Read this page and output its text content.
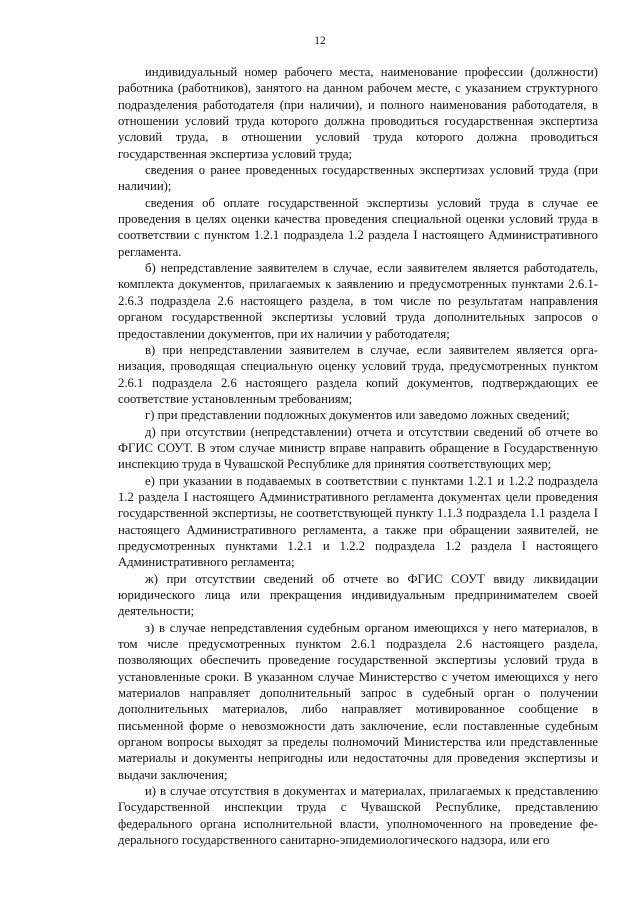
12

индивидуальный номер рабочего места, наименование профессии (должности) работника (работников), занятого на данном рабочем месте, с указанием структурного подразделения работодателя (при наличии), и полного наименования работодателя, в отношении условий труда которого должна проводиться государственная экспертиза условий труда, в отношении условий труда которого должна проводиться государственная экспертиза условий труда;

сведения о ранее проведенных государственных экспертизах условий труда (при наличии);

сведения об оплате государственной экспертизы условий труда в случае ее проведения в целях оценки качества проведения специальной оценки условий труда в соответствии с пунктом 1.2.1 подраздела 1.2 раздела I настоящего Административного регламента.

б) непредставление заявителем в случае, если заявителем является работодатель, комплекта документов, прилагаемых к заявлению и предусмотренных пунктами 2.6.1-2.6.3 подраздела 2.6 настоящего раздела, в том числе по результатам направления органом государственной экспертизы условий труда дополнительных запросов о предоставлении документов, при их наличии у работодателя;

в) при непредставлении заявителем в случае, если заявителем является организация, проводящая специальную оценку условий труда, предусмотренных пунктом 2.6.1 подраздела 2.6 настоящего раздела копий документов, подтверждающих ее соответствие установленным требованиям;

г) при представлении подложных документов или заведомо ложных сведений;

д) при отсутствии (непредставлении) отчета и отсутствии сведений об отчете во ФГИС СОУТ. В этом случае министр вправе направить обращение в Государственную инспекцию труда в Чувашской Республике для принятия соответствующих мер;

е) при указании в подаваемых в соответствии с пунктами 1.2.1 и 1.2.2 подраздела 1.2 раздела I настоящего Административного регламента документах цели проведения государственной экспертизы, не соответствующей пункту 1.1.3 подраздела 1.1 раздела I настоящего Административного регламента, а также при обращении заявителей, не предусмотренных пунктами 1.2.1 и 1.2.2 подраздела 1.2 раздела I настоящего Административного регламента;

ж) при отсутствии сведений об отчете во ФГИС СОУТ ввиду ликвидации юридического лица или прекращения индивидуальным предпринимателем своей деятельности;

з) в случае непредставления судебным органом имеющихся у него материалов, в том числе предусмотренных пунктом 2.6.1 подраздела 2.6 настоящего раздела, позволяющих обеспечить проведение государственной экспертизы условий труда в установленные сроки. В указанном случае Министерство с учетом имеющихся у него материалов направляет дополнительный запрос в судебный орган о получении дополнительных материалов, либо направляет мотивированное сообщение в письменной форме о невозможности дать заключение, если поставленные судебным органом вопросы выходят за пределы полномочий Министерства или представленные материалы и документы непригодны или недостаточны для проведения экспертизы и выдачи заключения;

и) в случае отсутствия в документах и материалах, прилагаемых к представлению Государственной инспекции труда с Чувашской Республике, представлению федерального органа исполнительной власти, уполномоченного на проведение федерального государственного санитарно-эпидемиологического надзора, или его
